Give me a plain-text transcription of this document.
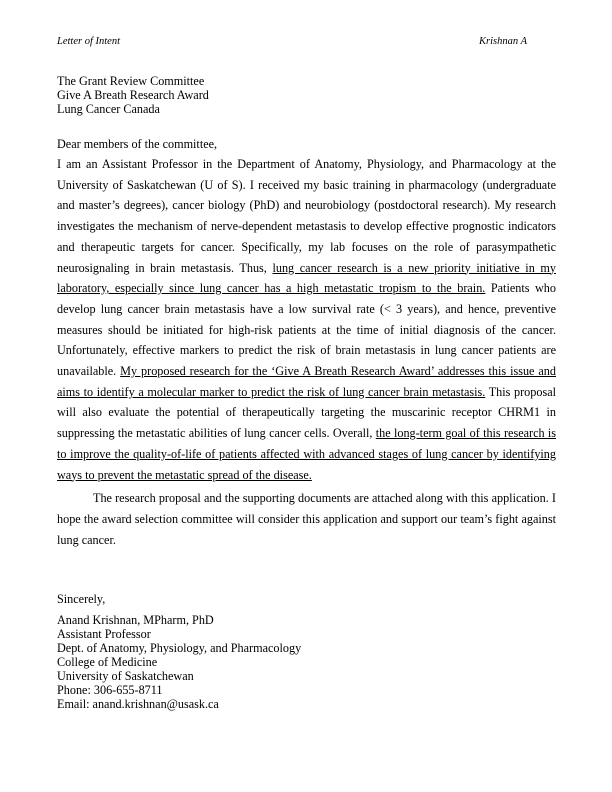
Letter of Intent	Krishnan A
The Grant Review Committee
Give A Breath Research Award
Lung Cancer Canada
Dear members of the committee,

I am an Assistant Professor in the Department of Anatomy, Physiology, and Pharmacology at the University of Saskatchewan (U of S). I received my basic training in pharmacology (undergraduate and master’s degrees), cancer biology (PhD) and neurobiology (postdoctoral research). My research investigates the mechanism of nerve-dependent metastasis to develop effective prognostic indicators and therapeutic targets for cancer. Specifically, my lab focuses on the role of parasympathetic neurosignaling in brain metastasis. Thus, lung cancer research is a new priority initiative in my laboratory, especially since lung cancer has a high metastatic tropism to the brain. Patients who develop lung cancer brain metastasis have a low survival rate (< 3 years), and hence, preventive measures should be initiated for high-risk patients at the time of initial diagnosis of the cancer. Unfortunately, effective markers to predict the risk of brain metastasis in lung cancer patients are unavailable. My proposed research for the ‘Give A Breath Research Award’ addresses this issue and aims to identify a molecular marker to predict the risk of lung cancer brain metastasis. This proposal will also evaluate the potential of therapeutically targeting the muscarinic receptor CHRM1 in suppressing the metastatic abilities of lung cancer cells. Overall, the long-term goal of this research is to improve the quality-of-life of patients affected with advanced stages of lung cancer by identifying ways to prevent the metastatic spread of the disease.

The research proposal and the supporting documents are attached along with this application. I hope the award selection committee will consider this application and support our team’s fight against lung cancer.

Sincerely,
Anand Krishnan, MPharm, PhD
Assistant Professor
Dept. of Anatomy, Physiology, and Pharmacology
College of Medicine
University of Saskatchewan
Phone: 306-655-8711
Email: anand.krishnan@usask.ca
